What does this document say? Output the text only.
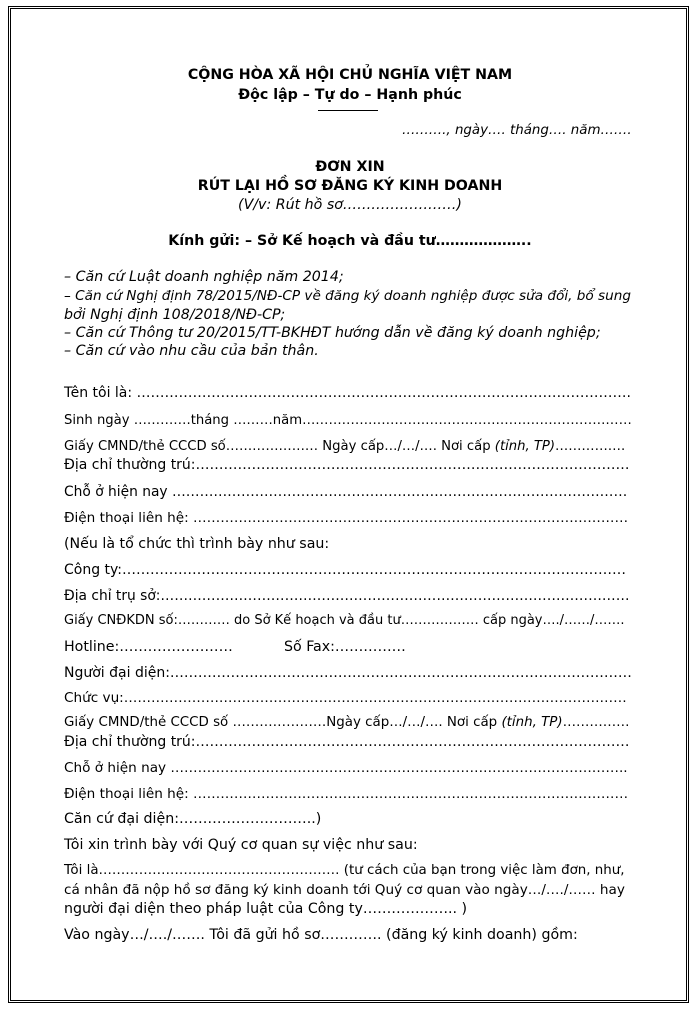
CỘNG HÒA XÃ HỘI CHỦ NGHĨA VIỆT NAM
Độc lập – Tự do – Hạnh phúc
………., ngày…. tháng…. năm…….
ĐƠN XIN
RÚT LẠI HỒ SƠ ĐĂNG KÝ KINH DOANH
(V/v: Rút hồ sơ……………………)
Kính gửi: – Sở Kế hoạch và đầu tư………………..
– Căn cứ Luật doanh nghiệp năm 2014;
– Căn cứ Nghị định 78/2015/NĐ-CP về đăng ký doanh nghiệp được sửa đổi, bổ sung
bởi Nghị định 108/2018/NĐ-CP;
– Căn cứ Thông tư 20/2015/TT-BKHĐT hướng dẫn về đăng ký doanh nghiệp;
– Căn cứ vào nhu cầu của bản thân.
Tên tôi là: …………………………………………………………………………………………….
Sinh ngày ………….tháng ………năm…………………………………………………………………
Giấy CMND/thẻ CCCD số………………… Ngày cấp…/…/…. Nơi cấp (tỉnh, TP)…………….
Địa chỉ thường trú:…………………………………………………………………………………
Chỗ ở hiện nay ………………………………………………………………………………………
Điện thoại liên hệ: ……………………………………………………………………………………
(Nếu là tổ chức thì trình bày như sau:
Công ty:………………………………………………………………………………………………
Địa chỉ trụ sở:…………………………………………………………………………………………
Giấy CNĐKDN số:………… do Sở Kế hoạch và đầu tư……………… cấp ngày…./……/…….
Hotline:……………………	Số Fax:……………
Người đại diện:………………………………………………………………………………………
Chức vụ:…………………………………………………………………………………………………
Giấy CMND/thẻ CCCD số …………………Ngày cấp…/…/…. Nơi cấp (tỉnh, TP)……………
Địa chỉ thường trú:…………………………………………………………………………………
Chỗ ở hiện nay ………………………………………………………………………………………..
Điện thoại liên hệ: ……………………………………………………………………………………
Căn cứ đại diện:………………………..)
Tôi xin trình bày với Quý cơ quan sự việc như sau:
Tôi là……………………………………………… (tư cách của bạn trong việc làm đơn, như,
cá nhân đã nộp hồ sơ đăng ký kinh doanh tới Quý cơ quan vào ngày…/…./…… hay
người đại diện theo pháp luật của Công ty……………….. )
Vào ngày…/…./……. Tôi đã gửi hồ sơ…………. (đăng ký kinh doanh) gồm:
